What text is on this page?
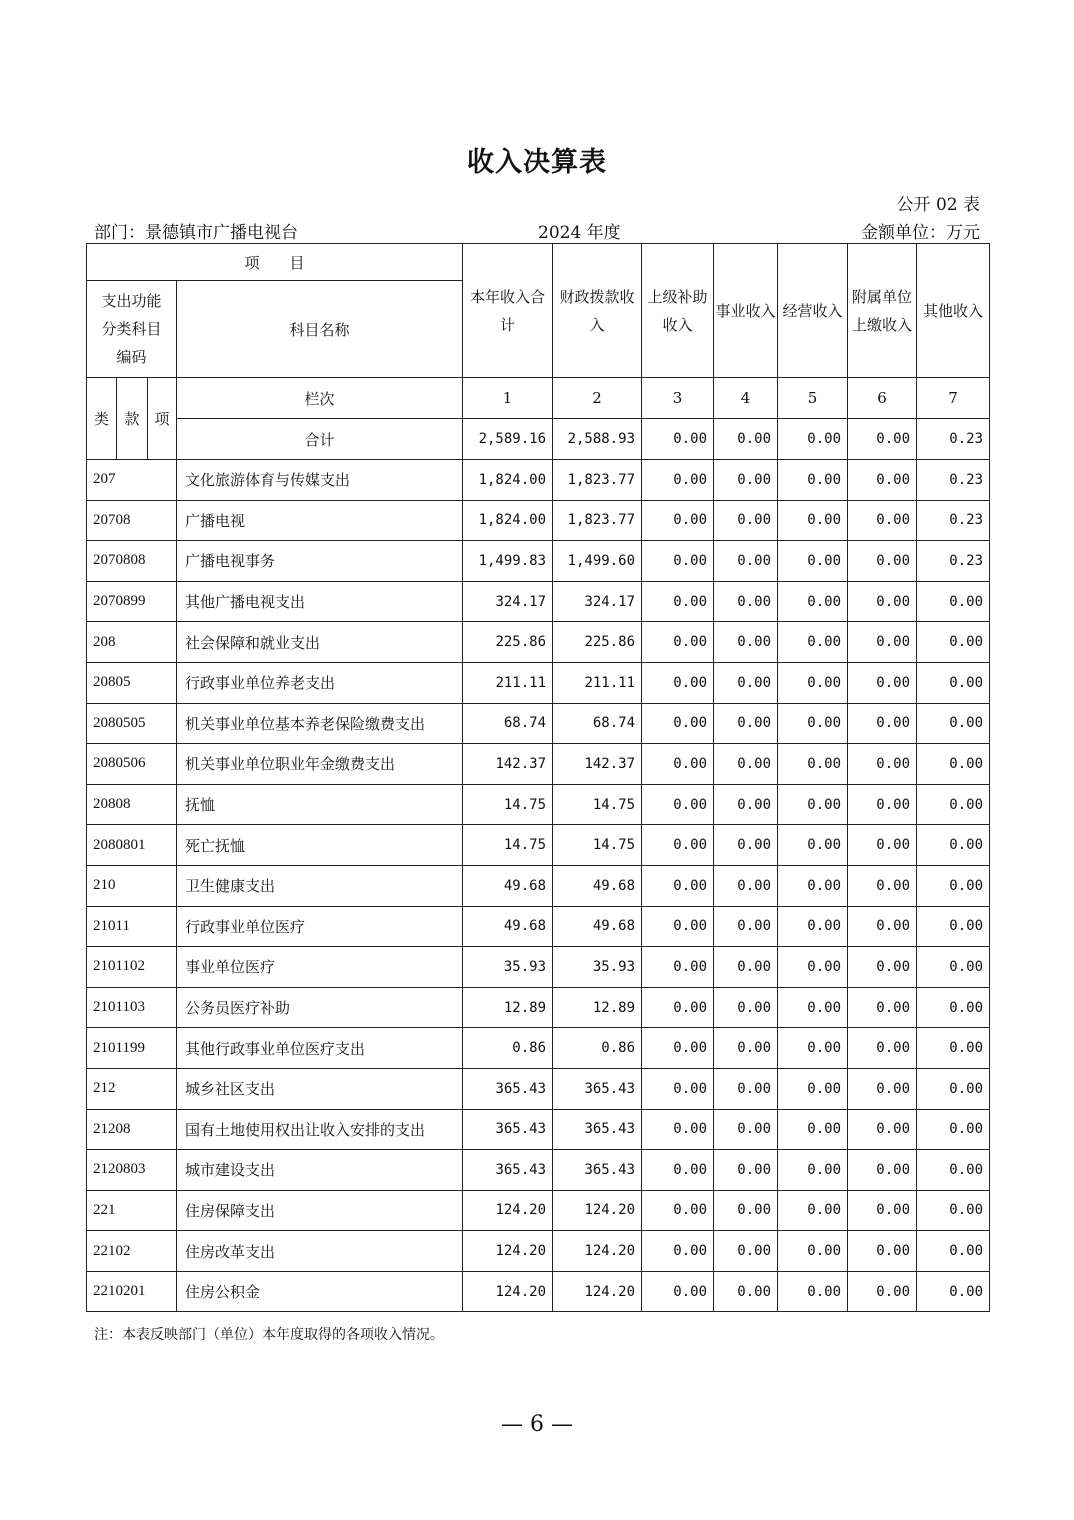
收入决算表
公开 02 表
部门：景德镇市广播电视台	2024 年度	金额单位：万元
项　　目				本年收入合计	财政拨款收入	上级补助收入	事业收入	经营收入	附属单位上缴收入	其他收入
支出功能分类科目编码			科目名称							
类	款	项	栏次	1	2	3	4	5	6	7
			合计	2,589.16	2,588.93	0.00	0.00	0.00	0.00	0.23
207			文化旅游体育与传媒支出	1,824.00	1,823.77	0.00	0.00	0.00	0.00	0.23
20708			广播电视	1,824.00	1,823.77	0.00	0.00	0.00	0.00	0.23
2070808			广播电视事务	1,499.83	1,499.60	0.00	0.00	0.00	0.00	0.23
2070899			其他广播电视支出	324.17	324.17	0.00	0.00	0.00	0.00	0.00
208			社会保障和就业支出	225.86	225.86	0.00	0.00	0.00	0.00	0.00
20805			行政事业单位养老支出	211.11	211.11	0.00	0.00	0.00	0.00	0.00
2080505			机关事业单位基本养老保险缴费支出	68.74	68.74	0.00	0.00	0.00	0.00	0.00
2080506			机关事业单位职业年金缴费支出	142.37	142.37	0.00	0.00	0.00	0.00	0.00
20808			抚恤	14.75	14.75	0.00	0.00	0.00	0.00	0.00
2080801			死亡抚恤	14.75	14.75	0.00	0.00	0.00	0.00	0.00
210			卫生健康支出	49.68	49.68	0.00	0.00	0.00	0.00	0.00
21011			行政事业单位医疗	49.68	49.68	0.00	0.00	0.00	0.00	0.00
2101102			事业单位医疗	35.93	35.93	0.00	0.00	0.00	0.00	0.00
2101103			公务员医疗补助	12.89	12.89	0.00	0.00	0.00	0.00	0.00
2101199			其他行政事业单位医疗支出	0.86	0.86	0.00	0.00	0.00	0.00	0.00
212			城乡社区支出	365.43	365.43	0.00	0.00	0.00	0.00	0.00
21208			国有土地使用权出让收入安排的支出	365.43	365.43	0.00	0.00	0.00	0.00	0.00
2120803			城市建设支出	365.43	365.43	0.00	0.00	0.00	0.00	0.00
221			住房保障支出	124.20	124.20	0.00	0.00	0.00	0.00	0.00
22102			住房改革支出	124.20	124.20	0.00	0.00	0.00	0.00	0.00
2210201			住房公积金	124.20	124.20	0.00	0.00	0.00	0.00	0.00
注：本表反映部门（单位）本年度取得的各项收入情况。
— 6 —
